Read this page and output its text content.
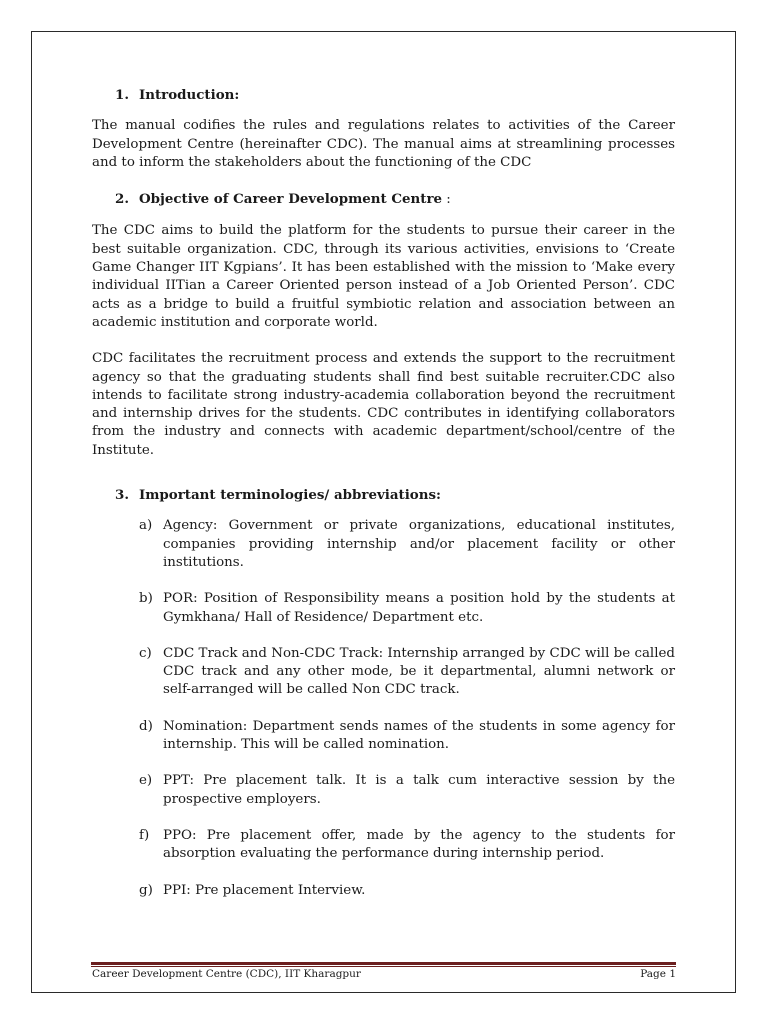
1. Introduction:

The manual codifies the rules and regulations relates to activities of the Career Development Centre (hereinafter CDC). The manual aims at streamlining processes and to inform the stakeholders about the functioning of the CDC

2. Objective of Career Development Centre :

The CDC aims to build the platform for the students to pursue their career in the best suitable organization. CDC, through its various activities, envisions to ‘Create Game Changer IIT Kgpians’. It has been established with the mission to ‘Make every individual IITian a Career Oriented person instead of a Job Oriented Person’. CDC acts as a bridge to build a fruitful symbiotic relation and association between an academic institution and corporate world.

CDC facilitates the recruitment process and extends the support to the recruitment agency so that the graduating students shall find best suitable recruiter.CDC also intends to facilitate strong industry-academia collaboration beyond the recruitment and internship drives for the students. CDC contributes in identifying collaborators from the industry and connects with academic department/school/centre of the Institute.

3. Important terminologies/ abbreviations:
a) Agency: Government or private organizations, educational institutes, companies providing internship and/or placement facility or other institutions.
b) POR: Position of Responsibility means a position hold by the students at Gymkhana/ Hall of Residence/ Department etc.
c) CDC Track and Non-CDC Track: Internship arranged by CDC will be called CDC track and any other mode, be it departmental, alumni network or self-arranged will be called Non CDC track.
d) Nomination: Department sends names of the students in some agency for internship. This will be called nomination.
e) PPT: Pre placement talk. It is a talk cum interactive session by the prospective employers.
f)	PPO: Pre placement offer, made by the agency to the students for absorption evaluating the performance during internship period.
g) PPI: Pre placement Interview.
Career Development Centre (CDC), IIT Kharagpur	Page 1
